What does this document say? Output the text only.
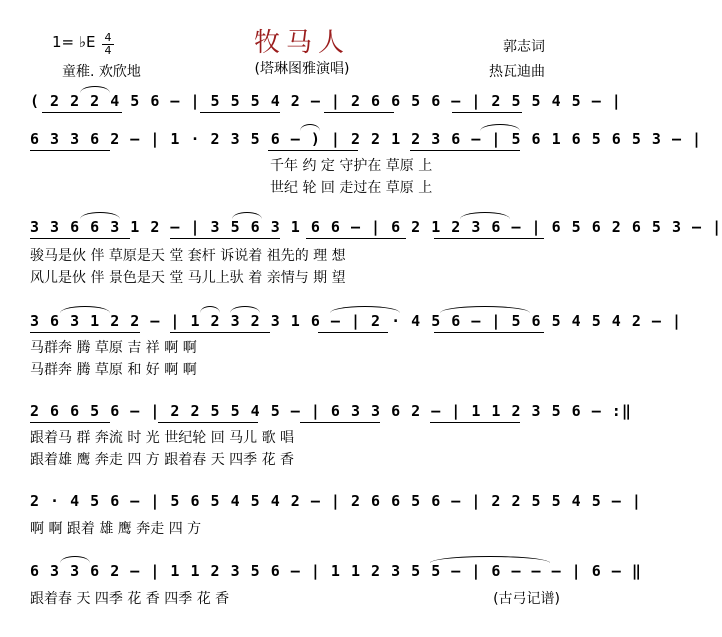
牧马人
(塔琳图雅演唱)
1= ♭E 4
4
童稚. 欢欣地
郭志词
热瓦迪曲
( 2 2 2 4 5 6 – | 5 5 5 4 2 – | 2 6 6 5 6 – | 2 5 5 4 5 – |
6 3 3 6 2 – | 1 · 2 3 5 6 – ) | 2 2 1 2 3 6 – | 5 6 1 6 5 6 5 3 – |
千年 约 定 守护在 草原 上
世纪 轮 回 走过在 草原 上
3 3 6 6 3 1 2 – | 3 5 6 3 1 6 6 – | 6 2 1 2 3 6 – | 6 5 6 2 6 5 3 – |
骏马是伙 伴 草原是天 堂 套杆 诉说着 祖先的 理 想
风儿是伙 伴 景色是天 堂 马儿上驮 着 亲情与 期 望
3 6 3 1 2 2 – | 1 2 3 2 3 1 6 – | 2 · 4 5 6 – | 5 6 5 4 5 4 2 – |
马群奔 腾 草原 吉 祥 啊 啊
马群奔 腾 草原 和 好 啊 啊
2 6 6 5 6 – | 2 2 5 5 4 5 – | 6 3 3 6 2 – | 1 1 2 3 5 6 – :‖
跟着马 群 奔流 时 光 世纪轮 回 马儿 歌 唱
跟着雄 鹰 奔走 四 方 跟着春 天 四季 花 香
2 · 4 5 6 – | 5 6 5 4 5 4 2 – | 2 6 6 5 6 – | 2 2 5 5 4 5 – |
啊 啊 跟着 雄 鹰 奔走 四 方
6 3 3 6 2 – | 1 1 2 3 5 6 – | 1 1 2 3 5 5 – | 6 – – – | 6 – ‖
跟着春 天 四季 花 香 四季 花 香	(古弓记谱)
